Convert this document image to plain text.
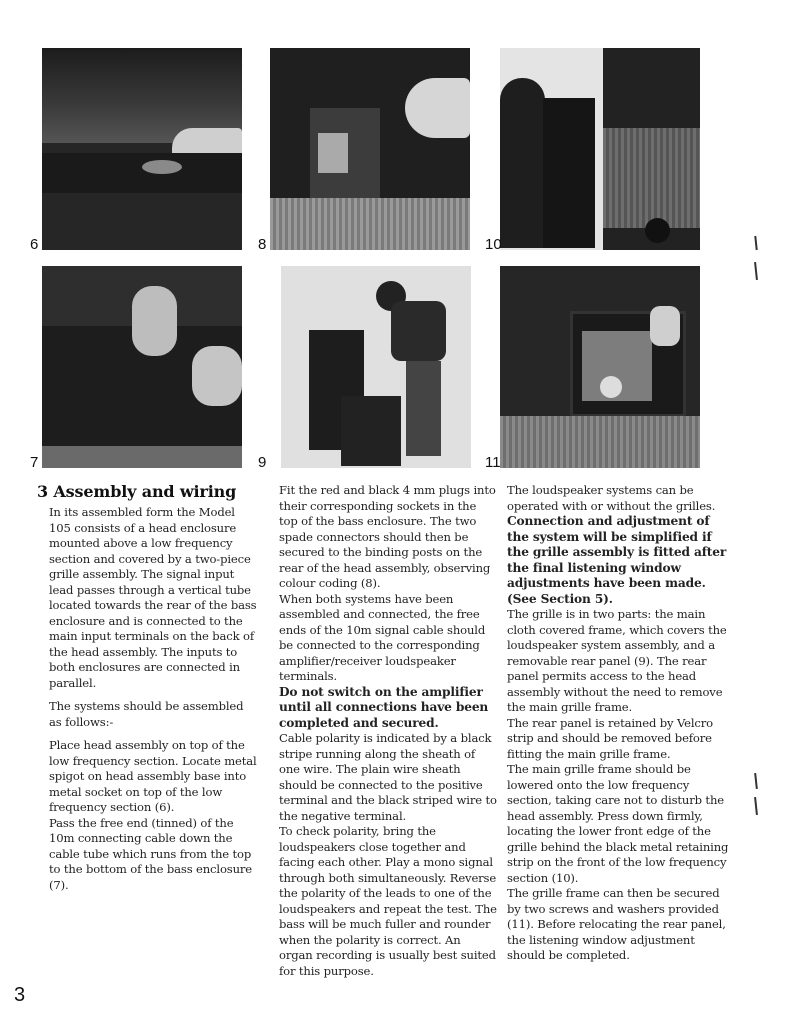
6	8	10
7	9	11
3 Assembly and wiring

In its assembled form the Model 105 consists of a head enclosure mounted above a low frequency section and covered by a two-piece grille assembly. The signal input lead passes through a vertical tube located towards the rear of the bass enclosure and is connected to the main input terminals on the back of the head assembly. The inputs to both enclosures are connected in parallel.

The systems should be assembled as follows:-

Place head assembly on top of the low frequency section. Locate metal spigot on head assembly base into metal socket on top of the low frequency section (6).

Pass the free end (tinned) of the 10m connecting cable down the cable tube which runs from the top to the bottom of the bass enclosure (7).

Fit the red and black 4 mm plugs into their corresponding sockets in the top of the bass enclosure. The two spade connectors should then be secured to the binding posts on the rear of the head assembly, observing colour coding (8).

When both systems have been assembled and connected, the free ends of the 10m signal cable should be connected to the corresponding amplifier/receiver loudspeaker terminals.

Do not switch on the amplifier until all connections have been completed and secured.

Cable polarity is indicated by a black stripe running along the sheath of one wire. The plain wire sheath should be connected to the positive terminal and the black striped wire to the negative terminal.

To check polarity, bring the loudspeakers close together and facing each other. Play a mono signal through both simultaneously. Reverse the polarity of the leads to one of the loudspeakers and repeat the test. The bass will be much fuller and rounder when the polarity is correct. An organ recording is usually best suited for this purpose.

The loudspeaker systems can be operated with or without the grilles.

Connection and adjustment of the system will be simplified if the grille assembly is fitted after the final listening window adjustments have been made. (See Section 5).

The grille is in two parts: the main cloth covered frame, which covers the loudspeaker system assembly, and a removable rear panel (9). The rear panel permits access to the head assembly without the need to remove the main grille frame.

The rear panel is retained by Velcro strip and should be removed before fitting the main grille frame.

The main grille frame should be lowered onto the low frequency section, taking care not to disturb the head assembly. Press down firmly, locating the lower front edge of the grille behind the black metal retaining strip on the front of the low frequency section (10).

The grille frame can then be secured by two screws and washers provided (11). Before relocating the rear panel, the listening window adjustment should be completed.

3
